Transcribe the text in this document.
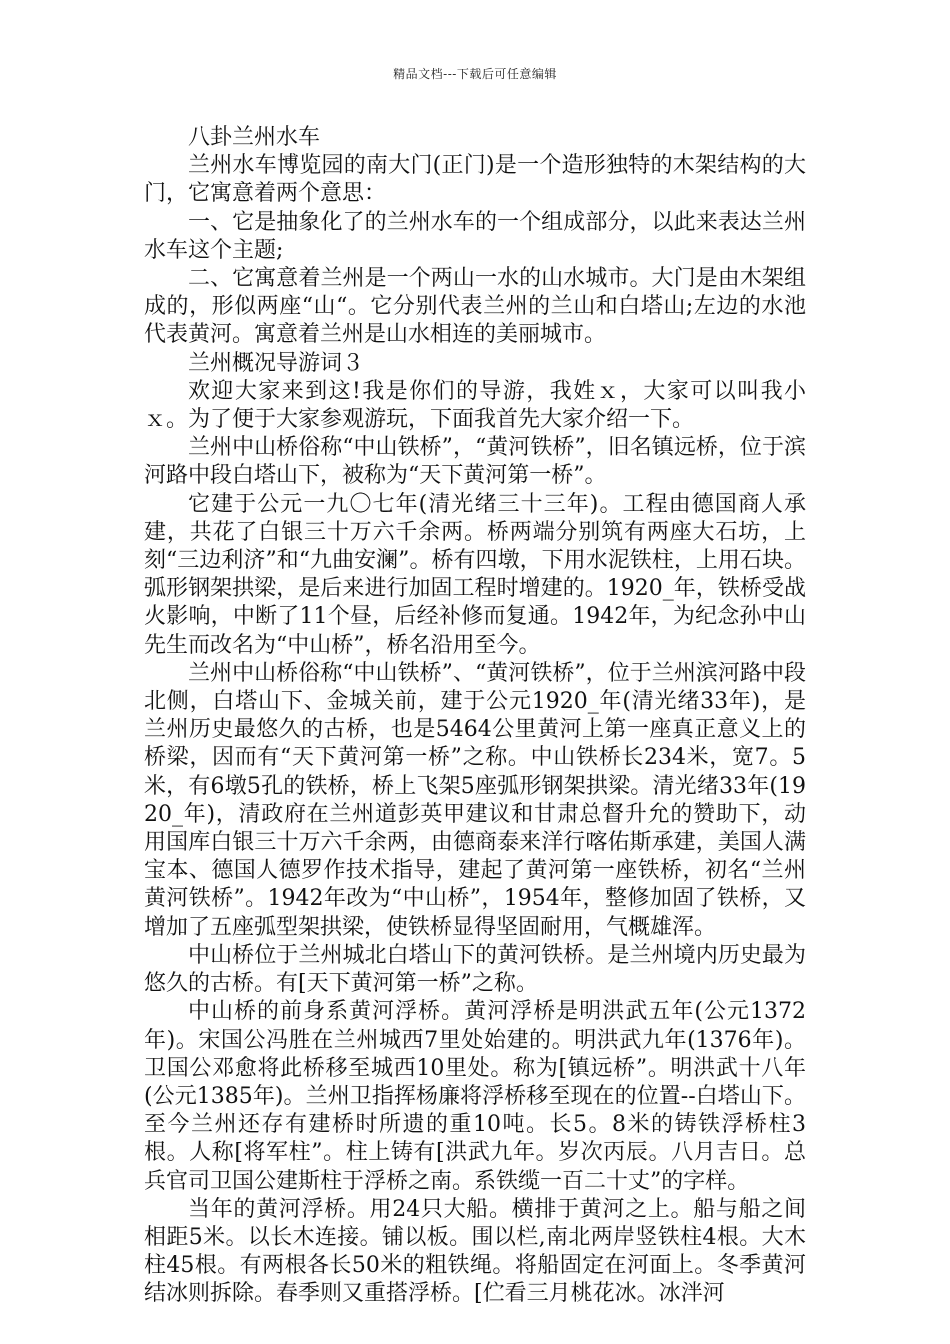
精品文档---下载后可任意编辑

八卦兰州水车

兰州水车博览园的南大门(正门)是一个造形独特的木架结构的大门，它寓意着两个意思：

一、它是抽象化了的兰州水车的一个组成部分，以此来表达兰州水车这个主题;

二、它寓意着兰州是一个两山一水的山水城市。大门是由木架组成的，形似两座“山“。它分别代表兰州的兰山和白塔山;左边的水池代表黄河。寓意着兰州是山水相连的美丽城市。

兰州概况导游词３

欢迎大家来到这!我是你们的导游，我姓ｘ，大家可以叫我小ｘ。为了便于大家参观游玩，下面我首先大家介绍一下。

兰州中山桥俗称“中山铁桥”，“黄河铁桥”，旧名镇远桥，位于滨河路中段白塔山下，被称为“天下黄河第一桥”。

它建于公元一九〇七年(清光绪三十三年)。工程由德国商人承建，共花了白银三十万六千余两。桥两端分别筑有两座大石坊，上刻“三边利济”和“九曲安澜”。桥有四墩，下用水泥铁柱，上用石块。弧形钢架拱梁，是后来进行加固工程时增建的。1920_年，铁桥受战火影响，中断了11个昼，后经补修而复通。1942年，为纪念孙中山先生而改名为“中山桥”，桥名沿用至今。

兰州中山桥俗称“中山铁桥”、“黄河铁桥”，位于兰州滨河路中段北侧，白塔山下、金城关前，建于公元1920_年(清光绪33年)，是兰州历史最悠久的古桥，也是5464公里黄河上第一座真正意义上的桥梁，因而有“天下黄河第一桥”之称。中山铁桥长234米，宽7。5米，有6墩5孔的铁桥，桥上飞架5座弧形钢架拱梁。清光绪33年(1920_年)，清政府在兰州道彭英甲建议和甘肃总督升允的赞助下，动用国库白银三十万六千余两，由德商泰来洋行喀佑斯承建，美国人满宝本、德国人德罗作技术指导，建起了黄河第一座铁桥，初名“兰州黄河铁桥”。1942年改为“中山桥”，1954年，整修加固了铁桥，又增加了五座弧型架拱梁，使铁桥显得坚固耐用，气概雄浑。

中山桥位于兰州城北白塔山下的黄河铁桥。是兰州境内历史最为悠久的古桥。有[天下黄河第一桥”之称。

中山桥的前身系黄河浮桥。黄河浮桥是明洪武五年(公元1372年)。宋国公冯胜在兰州城西7里处始建的。明洪武九年(1376年)。卫国公邓愈将此桥移至城西10里处。称为[镇远桥”。明洪武十八年(公元1385年)。兰州卫指挥杨廉将浮桥移至现在的位置--白塔山下。至今兰州还存有建桥时所遗的重10吨。长5。8米的铸铁浮桥柱3根。人称[将军柱”。柱上铸有[洪武九年。岁次丙辰。八月吉日。总兵官司卫国公建斯柱于浮桥之南。系铁缆一百二十丈”的字样。

当年的黄河浮桥。用24只大船。横排于黄河之上。船与船之间相距5米。以长木连接。铺以板。围以栏,南北两岸竖铁柱4根。大木柱45根。有两根各长50米的粗铁绳。将船固定在河面上。冬季黄河结冰则拆除。春季则又重搭浮桥。[伫看三月桃花冰。冰泮河
